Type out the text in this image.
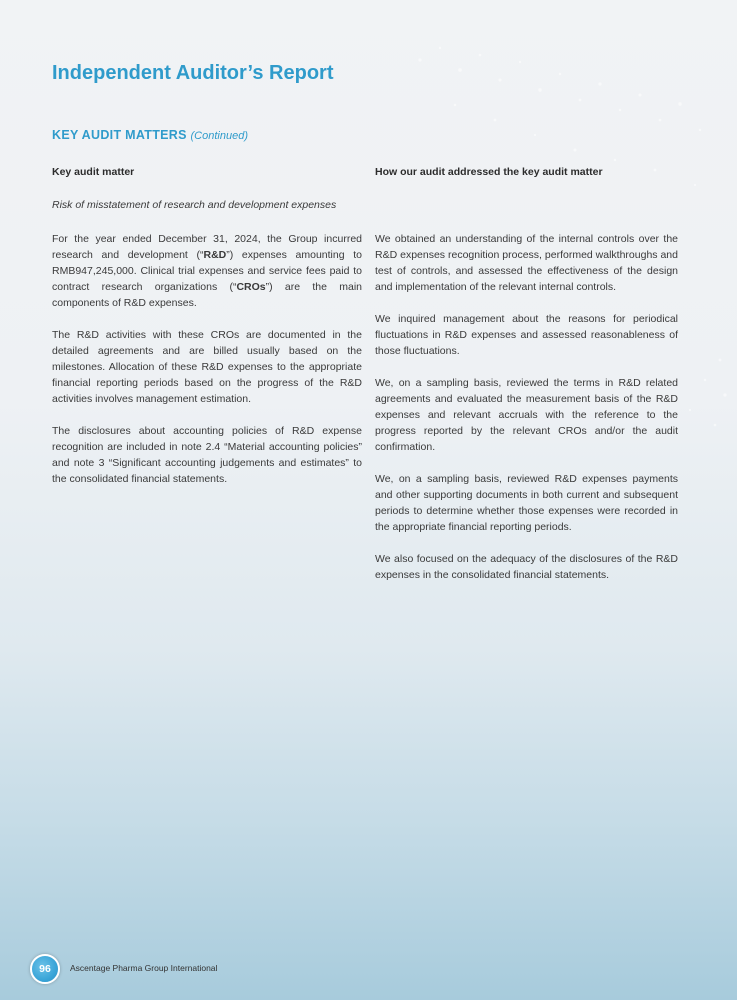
Independent Auditor’s Report
KEY AUDIT MATTERS (Continued)

Key audit matter

Risk of misstatement of research and development expenses

For the year ended December 31, 2024, the Group incurred research and development (“R&D”) expenses amounting to RMB947,245,000. Clinical trial expenses and service fees paid to contract research organizations (“CROs”) are the main components of R&D expenses.

The R&D activities with these CROs are documented in the detailed agreements and are billed usually based on the milestones. Allocation of these R&D expenses to the appropriate financial reporting periods based on the progress of the R&D activities involves management estimation.

The disclosures about accounting policies of R&D expense recognition are included in note 2.4 “Material accounting policies” and note 3 “Significant accounting judgements and estimates” to the consolidated financial statements.

How our audit addressed the key audit matter

We obtained an understanding of the internal controls over the R&D expenses recognition process, performed walkthroughs and test of controls, and assessed the effectiveness of the design and implementation of the relevant internal controls.

We inquired management about the reasons for periodical fluctuations in R&D expenses and assessed reasonableness of those fluctuations.

We, on a sampling basis, reviewed the terms in R&D related agreements and evaluated the measurement basis of the R&D expenses and relevant accruals with the reference to the progress reported by the relevant CROs and/or the audit confirmation.

We, on a sampling basis, reviewed R&D expenses payments and other supporting documents in both current and subsequent periods to determine whether those expenses were recorded in the appropriate financial reporting periods.

We also focused on the adequacy of the disclosures of the R&D expenses in the consolidated financial statements.

96	Ascentage Pharma Group International
